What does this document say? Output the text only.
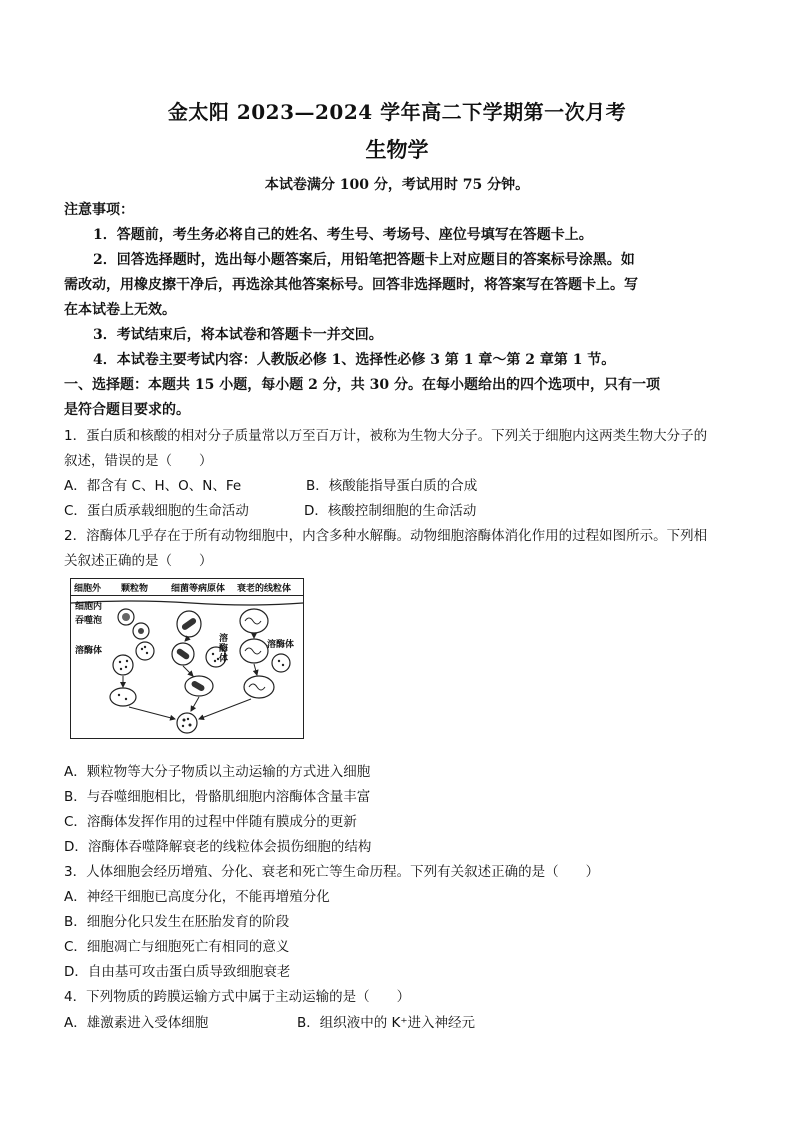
金太阳 2023—2024 学年高二下学期第一次月考
生物学
本试卷满分 100 分，考试用时 75 分钟。
注意事项：
1．答题前，考生务必将自己的姓名、考生号、考场号、座位号填写在答题卡上。
2．回答选择题时，选出每小题答案后，用铅笔把答题卡上对应题目的答案标号涂黑。如
需改动，用橡皮擦干净后，再选涂其他答案标号。回答非选择题时，将答案写在答题卡上。写
在本试卷上无效。
3．考试结束后，将本试卷和答题卡一并交回。
4．本试卷主要考试内容：人教版必修 1、选择性必修 3 第 1 章～第 2 章第 1 节。
一、选择题：本题共 15 小题，每小题 2 分，共 30 分。在每小题给出的四个选项中，只有一项
是符合题目要求的。
1．蛋白质和核酸的相对分子质量常以万至百万计，被称为生物大分子。下列关于细胞内这两类生物大分子的
叙述，错误的是（　　）
A．都含有 C、H、O、N、Fe	B．核酸能指导蛋白质的合成
C．蛋白质承载细胞的生命活动	D．核酸控制细胞的生命活动
2．溶酶体几乎存在于所有动物细胞中，内含多种水解酶。动物细胞溶酶体消化作用的过程如图所示。下列相
关叙述正确的是（　　）
细胞外 颗粒物	细菌等病原体 衰老的线粒体
细胞内
吞噬泡
溶酶体
溶
酶
体
溶酶体
A．颗粒物等大分子物质以主动运输的方式进入细胞
B．与吞噬细胞相比，骨骼肌细胞内溶酶体含量丰富
C．溶酶体发挥作用的过程中伴随有膜成分的更新
D．溶酶体吞噬降解衰老的线粒体会损伤细胞的结构
3．人体细胞会经历增殖、分化、衰老和死亡等生命历程。下列有关叙述正确的是（　　）
A．神经干细胞已高度分化，不能再增殖分化
B．细胞分化只发生在胚胎发育的阶段
C．细胞凋亡与细胞死亡有相同的意义
D．自由基可攻击蛋白质导致细胞衰老
4．下列物质的跨膜运输方式中属于主动运输的是（　　）
A．雄激素进入受体细胞	B．组织液中的 K⁺进入神经元
